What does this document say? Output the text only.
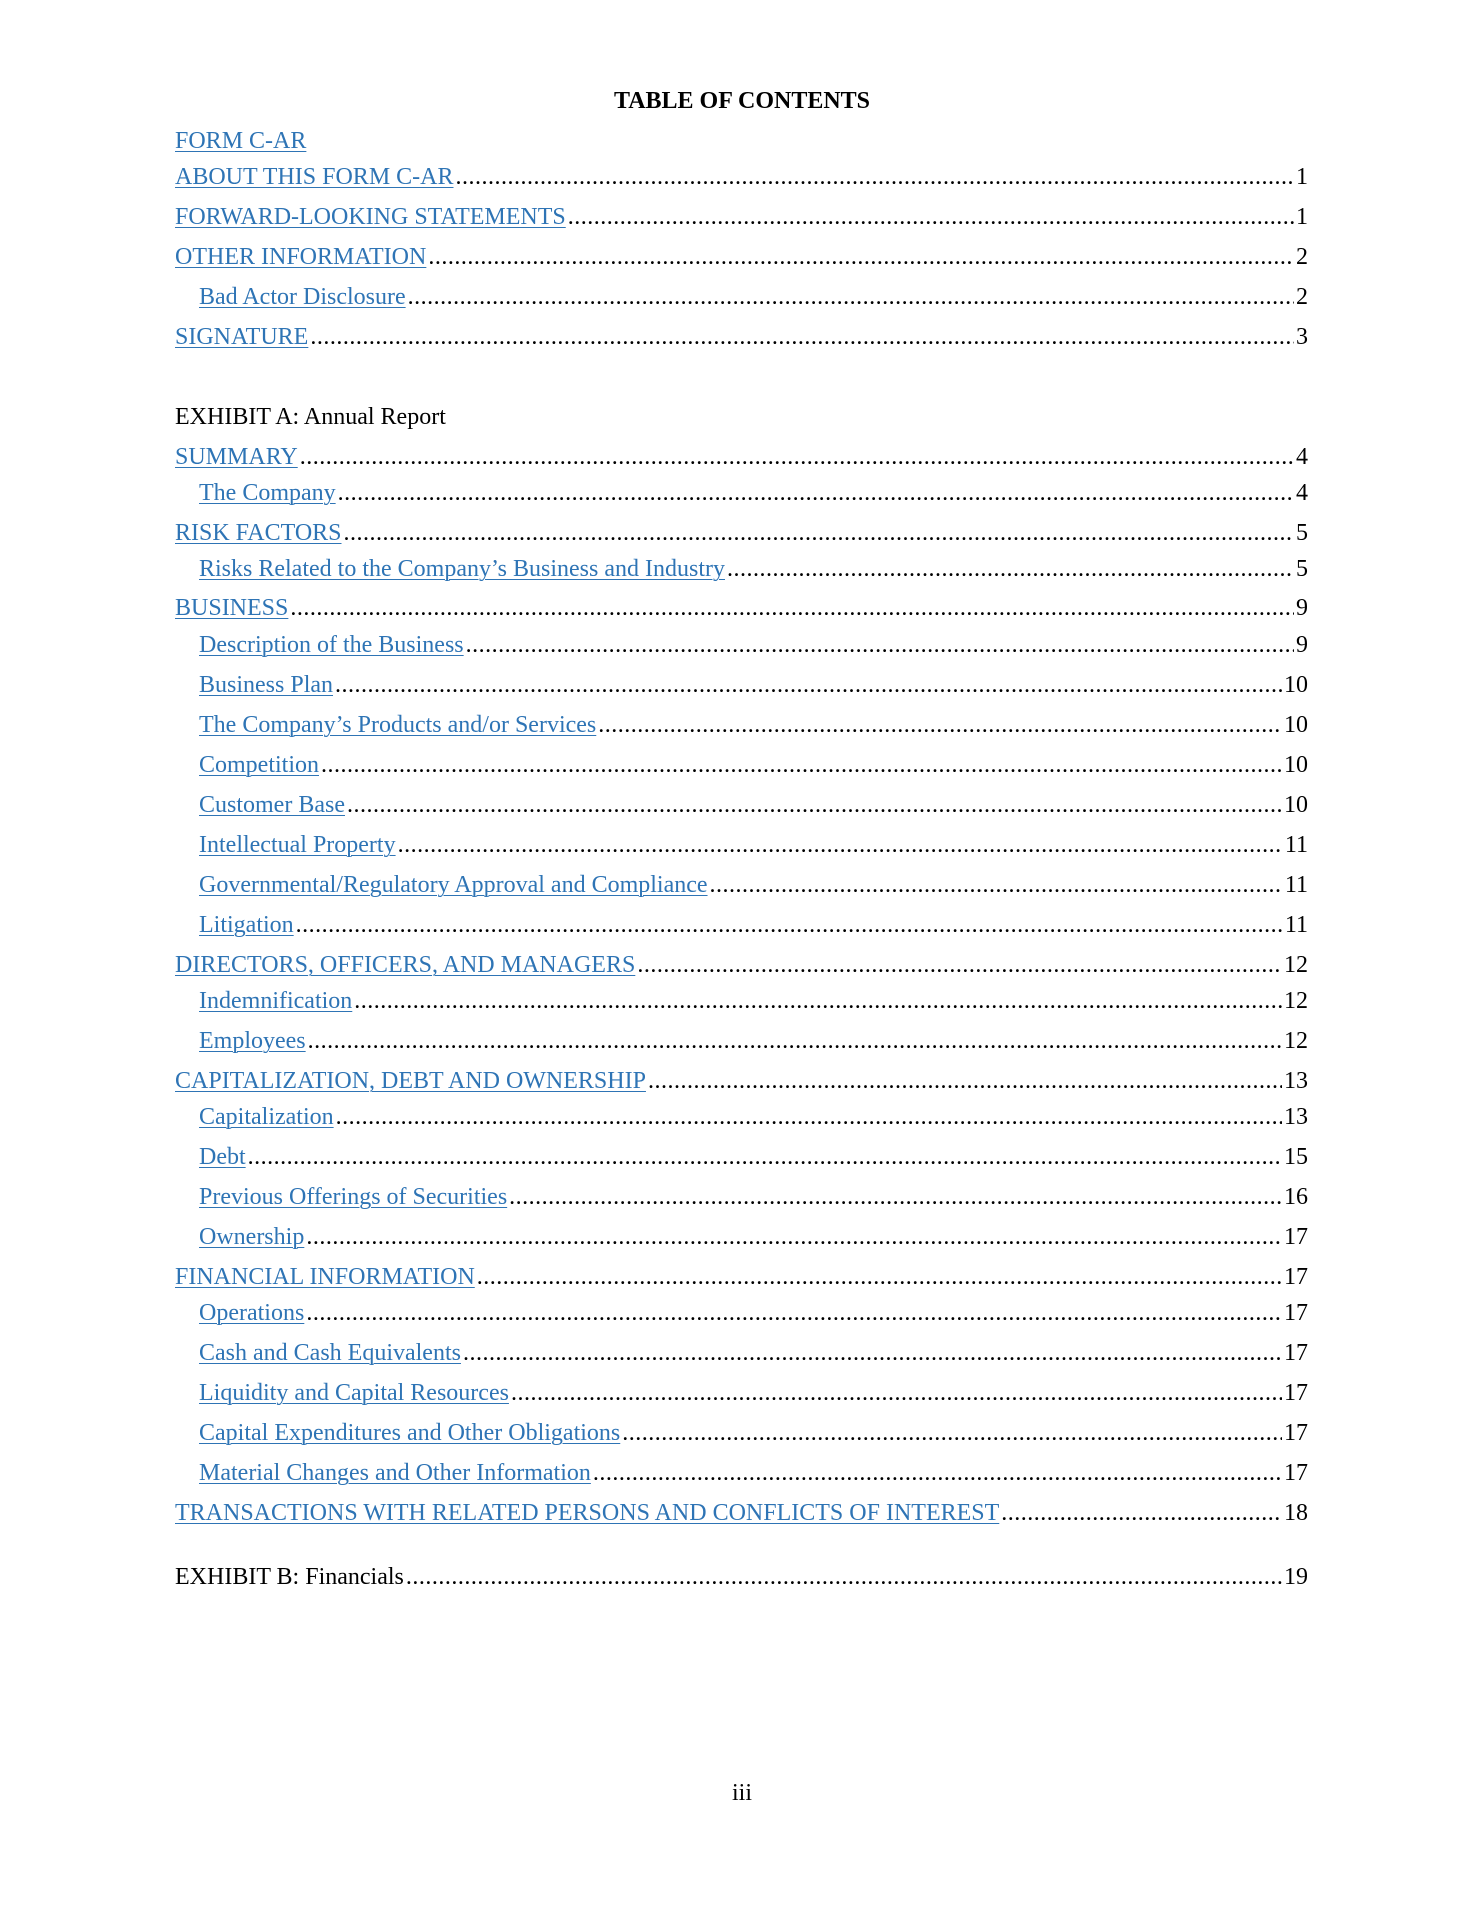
TABLE OF CONTENTS
FORM C-AR
ABOUT THIS FORM C-AR .....	1
FORWARD-LOOKING STATEMENTS .....	1
OTHER INFORMATION .....	2
Bad Actor Disclosure .....	2
SIGNATURE .....	3
EXHIBIT A: Annual Report
SUMMARY .....	4
The Company .....	4
RISK FACTORS .....	5
Risks Related to the Company’s Business and Industry .....	5
BUSINESS .....	9
Description of the Business .....	9
Business Plan .....	10
The Company’s Products and/or Services .....	10
Competition .....	10
Customer Base .....	10
Intellectual Property .....	11
Governmental/Regulatory Approval and Compliance .....	11
Litigation .....	11
DIRECTORS, OFFICERS, AND MANAGERS .....	12
Indemnification .....	12
Employees .....	12
CAPITALIZATION, DEBT AND OWNERSHIP .....	13
Capitalization .....	13
Debt .....	15
Previous Offerings of Securities .....	16
Ownership .....	17
FINANCIAL INFORMATION .....	17
Operations .....	17
Cash and Cash Equivalents .....	17
Liquidity and Capital Resources .....	17
Capital Expenditures and Other Obligations .....	17
Material Changes and Other Information .....	17
TRANSACTIONS WITH RELATED PERSONS AND CONFLICTS OF INTEREST .....	18
EXHIBIT B: Financials .....	19
iii
